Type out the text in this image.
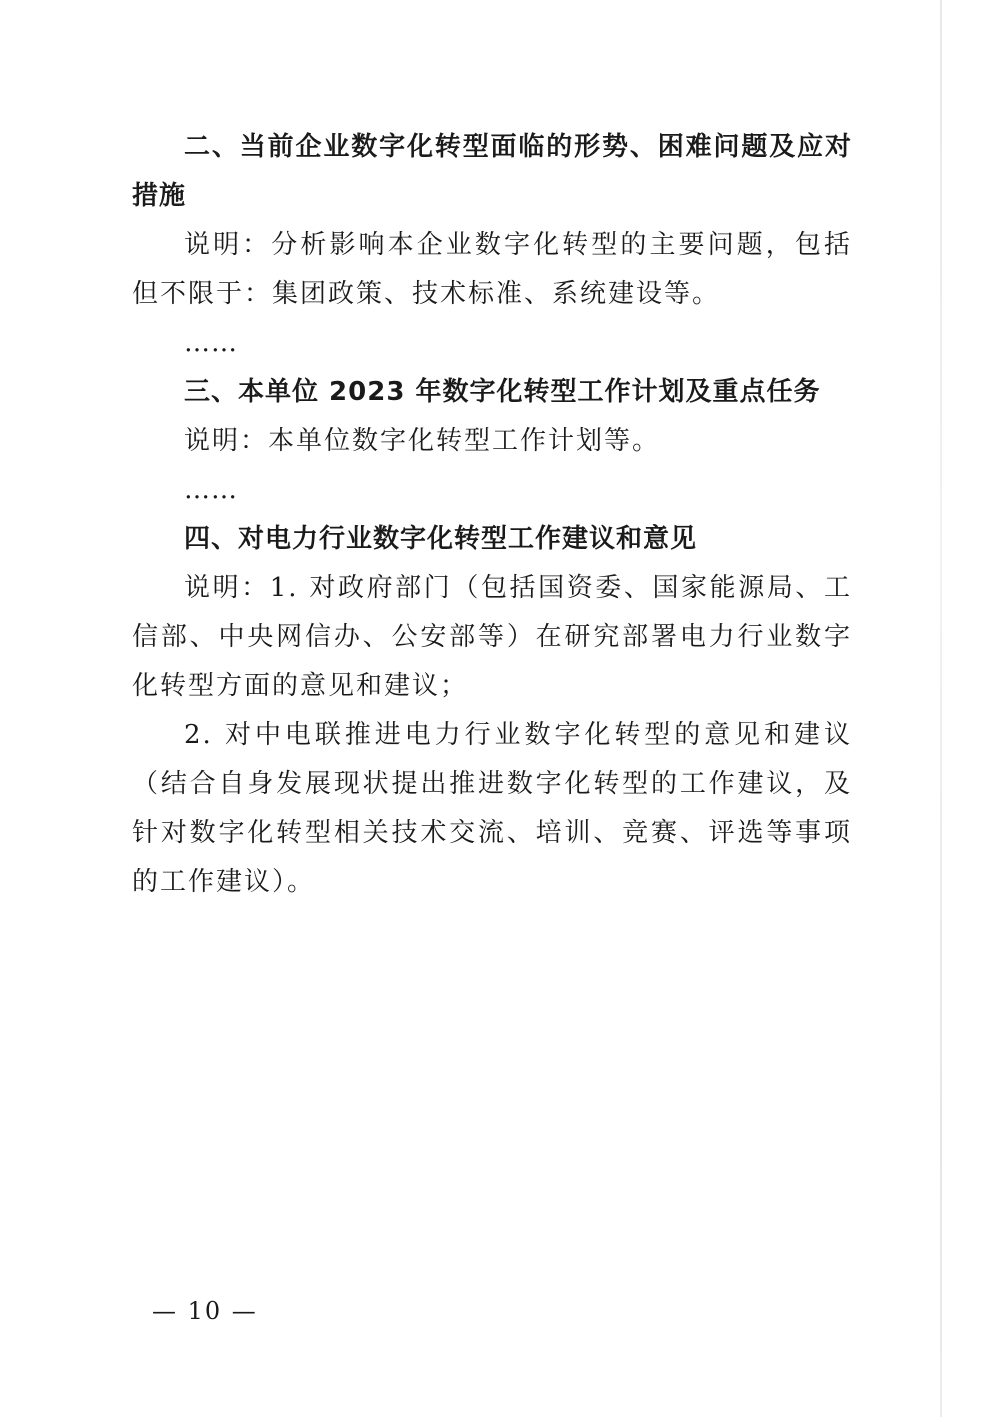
二、当前企业数字化转型面临的形势、困难问题及应对措施

说明：分析影响本企业数字化转型的主要问题，包括但不限于：集团政策、技术标准、系统建设等。

……

三、本单位 2023 年数字化转型工作计划及重点任务

说明：本单位数字化转型工作计划等。

……

四、对电力行业数字化转型工作建议和意见

说明：1. 对政府部门（包括国资委、国家能源局、工信部、中央网信办、公安部等）在研究部署电力行业数字化转型方面的意见和建议；

2. 对中电联推进电力行业数字化转型的意见和建议（结合自身发展现状提出推进数字化转型的工作建议，及针对数字化转型相关技术交流、培训、竞赛、评选等事项的工作建议）。

— 10 —
